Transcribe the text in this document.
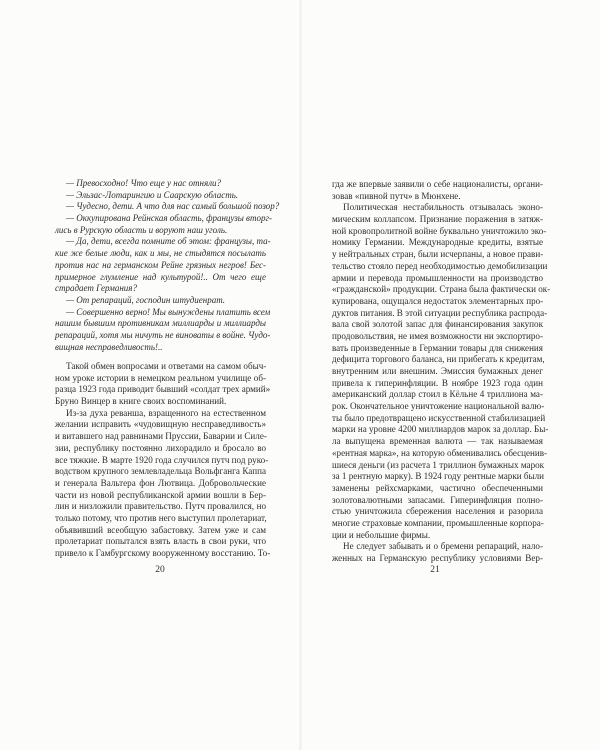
— Превосходно! Что еще у нас отняли?
— Эльзас-Лотарингию и Саарскую область.
— Чудесно, дети. А что для нас самый большой позор?
— Оккупирована Рейнская область, французы вторг-
лись в Рурскую область и воруют наш уголь.
— Да, дети, всегда помните об этом: французы, та-
кие же белые люди, как и мы, не стыдятся посылать
против нас на германском Рейне грязных негров! Бес-
примерное глумление над культурой!.. От чего еще
страдает Германия?
— От репараций, господин штудиенрат.
— Совершенно верно! Мы вынуждены платить всем
нашим бывшим противникам миллиарды и миллиарды
репараций, хотя мы ничуть не виноваты в войне. Чудо-
вищная несправедливость!..
Такой обмен вопросами и ответами на самом обыч-
ном уроке истории в немецком реальном училище об-
разца 1923 года приводит бывший «солдат трех армий»
Бруно Винцер в книге своих воспоминаний.
Из-за духа реванша, взращенного на естественном
желании исправить «чудовищную несправедливость»
и витавшего над равнинами Пруссии, Баварии и Силе-
зии, республику постоянно лихорадило и бросало во
все тяжкие. В марте 1920 года случился путч под руко-
водством крупного землевладельца Вольфганга Каппа
и генерала Вальтера фон Лютвица. Добровольческие
части из новой республиканской армии вошли в Бер-
лин и низложили правительство. Путч провалился, но
только потому, что против него выступил пролетариат,
объявивший всеобщую забастовку. Затем уже и сам
пролетариат попытался взять власть в свои руки, что
привело к Гамбургскому вооруженному восстанию. То-
20
гда же впервые заявили о себе националисты, органи-
зовав «пивной путч» в Мюнхене.
Политическая нестабильность отзывалась эконо-
мическим коллапсом. Признание поражения в затяж-
ной кровопролитной войне буквально уничтожило эко-
номику Германии. Международные кредиты, взятые
у нейтральных стран, были исчерпаны, а новое прави-
тельство стояло перед необходимостью демобилизации
армии и перевода промышленности на производство
«гражданской» продукции. Страна была фактически ок-
купирована, ощущался недостаток элементарных про-
дуктов питания. В этой ситуации республика распрода-
вала свой золотой запас для финансирования закупок
продовольствия, не имея возможности ни экспортиро-
вать произведенные в Германии товары для снижения
дефицита торгового баланса, ни прибегать к кредитам,
внутренним или внешним. Эмиссия бумажных денег
привела к гиперинфляции. В ноябре 1923 года один
американский доллар стоил в Кёльне 4 триллиона ма-
рок. Окончательное уничтожение национальной валю-
ты было предотвращено искусственной стабилизацией
марки на уровне 4200 миллиардов марок за доллар. Бы-
ла выпущена временная валюта — так называемая
«рентная марка», на которую обменивались обесценив-
шиеся деньги (из расчета 1 триллион бумажных марок
за 1 рентную марку). В 1924 году рентные марки были
заменены рейхсмарками, частично обеспеченными
золотовалютными запасами. Гиперинфляция полно-
стью уничтожила сбережения населения и разорила
многие страховые компании, промышленные корпора-
ции и небольшие фирмы.
Не следует забывать и о бремени репараций, нало-
женных на Германскую республику условиями Вер-
21
